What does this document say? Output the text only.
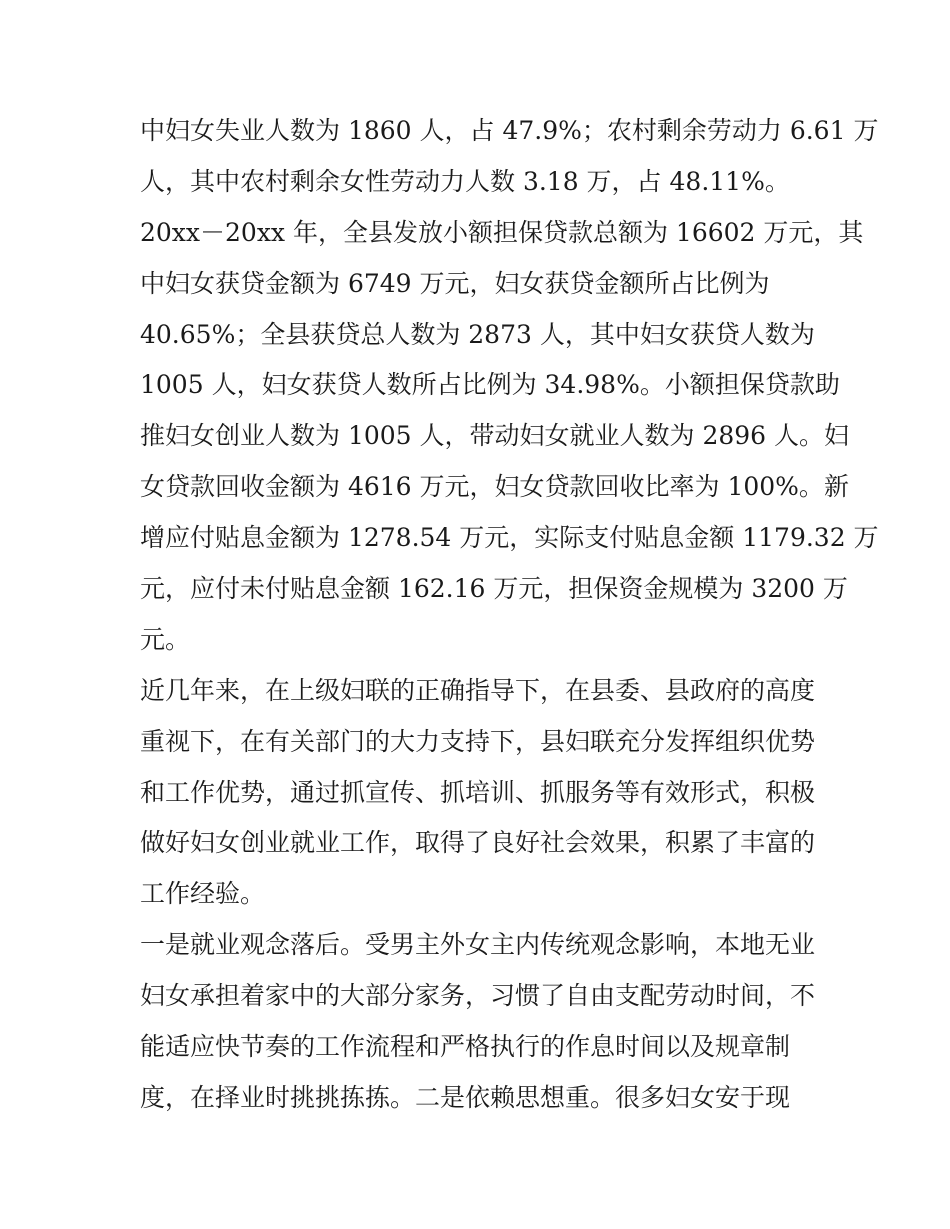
中妇女失业人数为 1860 人，占 47.9%；农村剩余劳动力 6.61 万
人，其中农村剩余女性劳动力人数 3.18 万，占 48.11%。
20xx－20xx 年，全县发放小额担保贷款总额为 16602 万元，其
中妇女获贷金额为 6749 万元，妇女获贷金额所占比例为
40.65%；全县获贷总人数为 2873 人，其中妇女获贷人数为
1005 人，妇女获贷人数所占比例为 34.98%。小额担保贷款助
推妇女创业人数为 1005 人，带动妇女就业人数为 2896 人。妇
女贷款回收金额为 4616 万元，妇女贷款回收比率为 100%。新
增应付贴息金额为 1278.54 万元，实际支付贴息金额 1179.32 万
元，应付未付贴息金额 162.16 万元，担保资金规模为 3200 万
元。
近几年来，在上级妇联的正确指导下，在县委、县政府的高度
重视下，在有关部门的大力支持下，县妇联充分发挥组织优势
和工作优势，通过抓宣传、抓培训、抓服务等有效形式，积极
做好妇女创业就业工作，取得了良好社会效果，积累了丰富的
工作经验。
一是就业观念落后。受男主外女主内传统观念影响，本地无业
妇女承担着家中的大部分家务，习惯了自由支配劳动时间，不
能适应快节奏的工作流程和严格执行的作息时间以及规章制
度，在择业时挑挑拣拣。二是依赖思想重。很多妇女安于现
